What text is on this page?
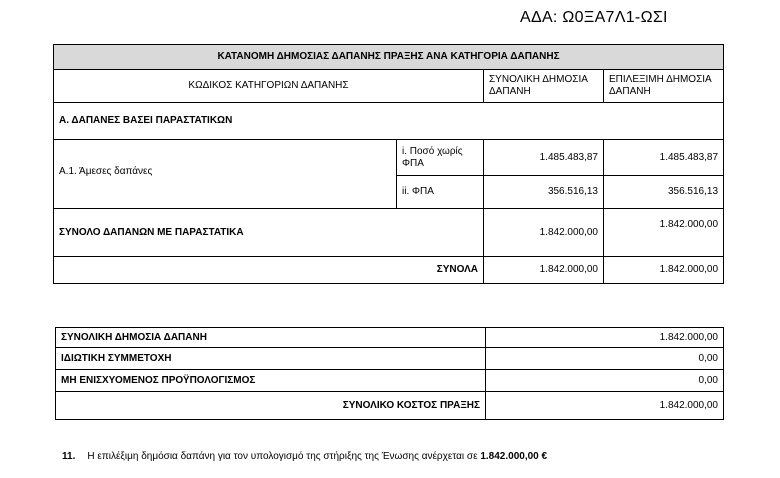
ΑΔΑ: Ω0ΞΑ7Λ1-ΩΣΙ
ΚΑΤΑΝΟΜΗ ΔΗΜΟΣΙΑΣ ΔΑΠΑΝΗΣ ΠΡΑΞΗΣ ΑΝΑ ΚΑΤΗΓΟΡΙΑ ΔΑΠΑΝΗΣ			
ΚΩΔΙΚΟΣ ΚΑΤΗΓΟΡΙΩΝ ΔΑΠΑΝΗΣ		ΣΥΝΟΛΙΚΗ ΔΗΜΟΣΙΑ ΔΑΠΑΝΗ	ΕΠΙΛΕΞΙΜΗ ΔΗΜΟΣΙΑ ΔΑΠΑΝΗ
Α. ΔΑΠΑΝΕΣ ΒΑΣΕΙ ΠΑΡΑΣΤΑΤΙΚΩΝ			
Α.1. Άμεσες δαπάνες	i. Ποσό χωρίς ΦΠΑ	1.485.483,87	1.485.483,87
	ii. ΦΠΑ	356.516,13	356.516,13
ΣΥΝΟΛΟ ΔΑΠΑΝΩΝ ΜΕ ΠΑΡΑΣΤΑΤΙΚΑ		1.842.000,00	1.842.000,00
ΣΥΝΟΛΑ		1.842.000,00	1.842.000,00
ΣΥΝΟΛΙΚΗ ΔΗΜΟΣΙΑ ΔΑΠΑΝΗ	1.842.000,00
ΙΔΙΩΤΙΚΗ ΣΥΜΜΕΤΟΧΗ	0,00
ΜΗ ΕΝΙΣΧΥΟΜΕΝΟΣ ΠΡΟΫΠΟΛΟΓΙΣΜΟΣ	0,00
ΣΥΝΟΛΙΚΟ ΚΟΣΤΟΣ ΠΡΑΞΗΣ	1.842.000,00
11. Η επιλέξιμη δημόσια δαπάνη για τον υπολογισμό της στήριξης της Ένωσης ανέρχεται σε 1.842.000,00 €
